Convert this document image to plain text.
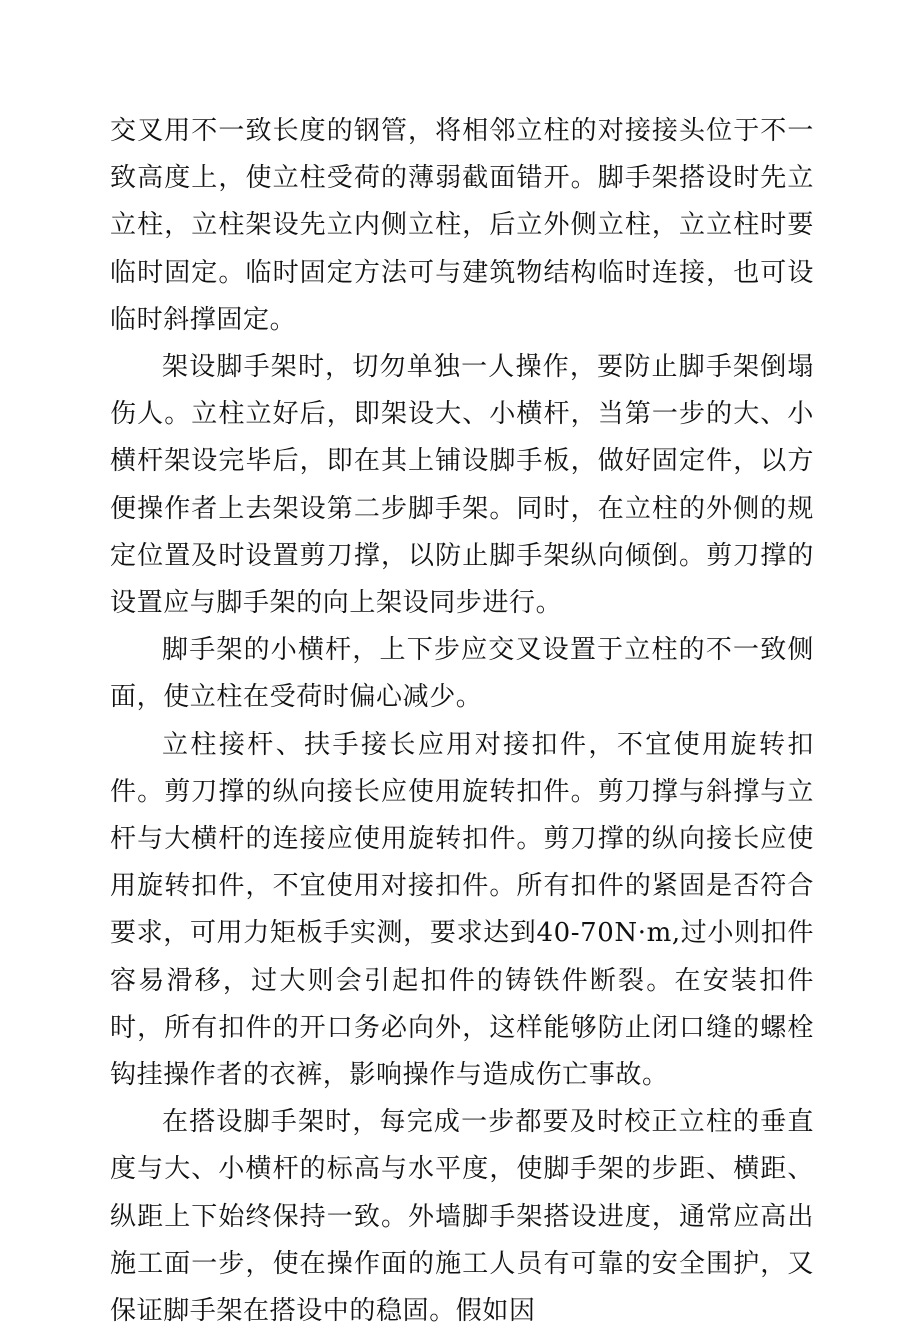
交叉用不一致长度的钢管，将相邻立柱的对接接头位于不一致高度上，使立柱受荷的薄弱截面错开。脚手架搭设时先立立柱，立柱架设先立内侧立柱，后立外侧立柱，立立柱时要临时固定。临时固定方法可与建筑物结构临时连接，也可设临时斜撑固定。

架设脚手架时，切勿单独一人操作，要防止脚手架倒塌伤人。立柱立好后，即架设大、小横杆，当第一步的大、小横杆架设完毕后，即在其上铺设脚手板，做好固定件，以方便操作者上去架设第二步脚手架。同时，在立柱的外侧的规定位置及时设置剪刀撑，以防止脚手架纵向倾倒。剪刀撑的设置应与脚手架的向上架设同步进行。

脚手架的小横杆，上下步应交叉设置于立柱的不一致侧面，使立柱在受荷时偏心减少。

立柱接杆、扶手接长应用对接扣件，不宜使用旋转扣件。剪刀撑的纵向接长应使用旋转扣件。剪刀撑与斜撑与立杆与大横杆的连接应使用旋转扣件。剪刀撑的纵向接长应使用旋转扣件，不宜使用对接扣件。所有扣件的紧固是否符合要求，可用力矩板手实测，要求达到40-70N·m,过小则扣件容易滑移，过大则会引起扣件的铸铁件断裂。在安装扣件时，所有扣件的开口务必向外，这样能够防止闭口缝的螺栓钩挂操作者的衣裤，影响操作与造成伤亡事故。

在搭设脚手架时，每完成一步都要及时校正立柱的垂直度与大、小横杆的标高与水平度，使脚手架的步距、横距、纵距上下始终保持一致。外墙脚手架搭设进度，通常应高出施工面一步，使在操作面的施工人员有可靠的安全围护，又保证脚手架在搭设中的稳固。假如因
